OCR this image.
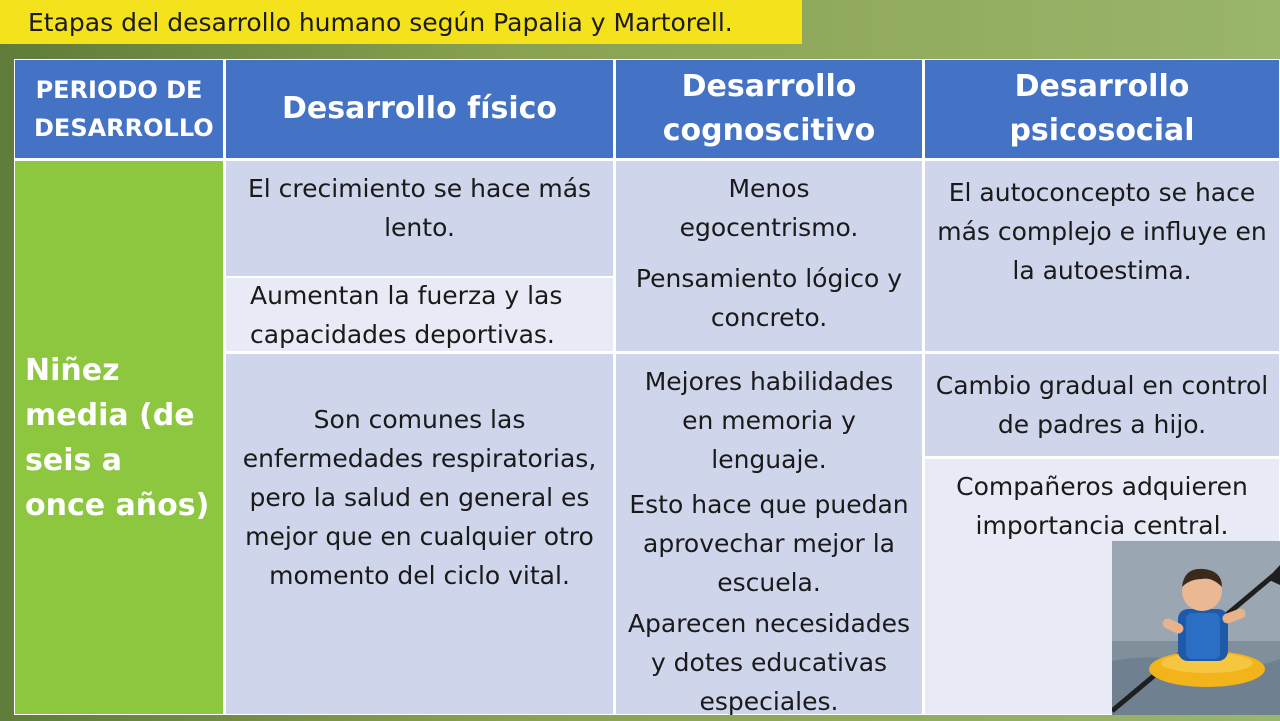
Etapas del desarrollo humano según Papalia y Martorell.
PERIODO DE DESARROLLO
Desarrollo físico
Desarrollo cognoscitivo
Desarrollo psicosocial
Niñez media (de seis a once años)
El crecimiento se hace más lento.
Aumentan la fuerza y las capacidades deportivas.
Son comunes las enfermedades respiratorias, pero la salud en general es mejor que en cualquier otro momento del ciclo vital.
Menos egocentrismo.
Pensamiento lógico y concreto.
Mejores habilidades en memoria y lenguaje.
Esto hace que puedan aprovechar mejor la escuela.
Aparecen necesidades y dotes educativas especiales.
El autoconcepto se hace más complejo e influye en la autoestima.
Cambio gradual en control de padres a hijo.
Compañeros adquieren importancia central.
